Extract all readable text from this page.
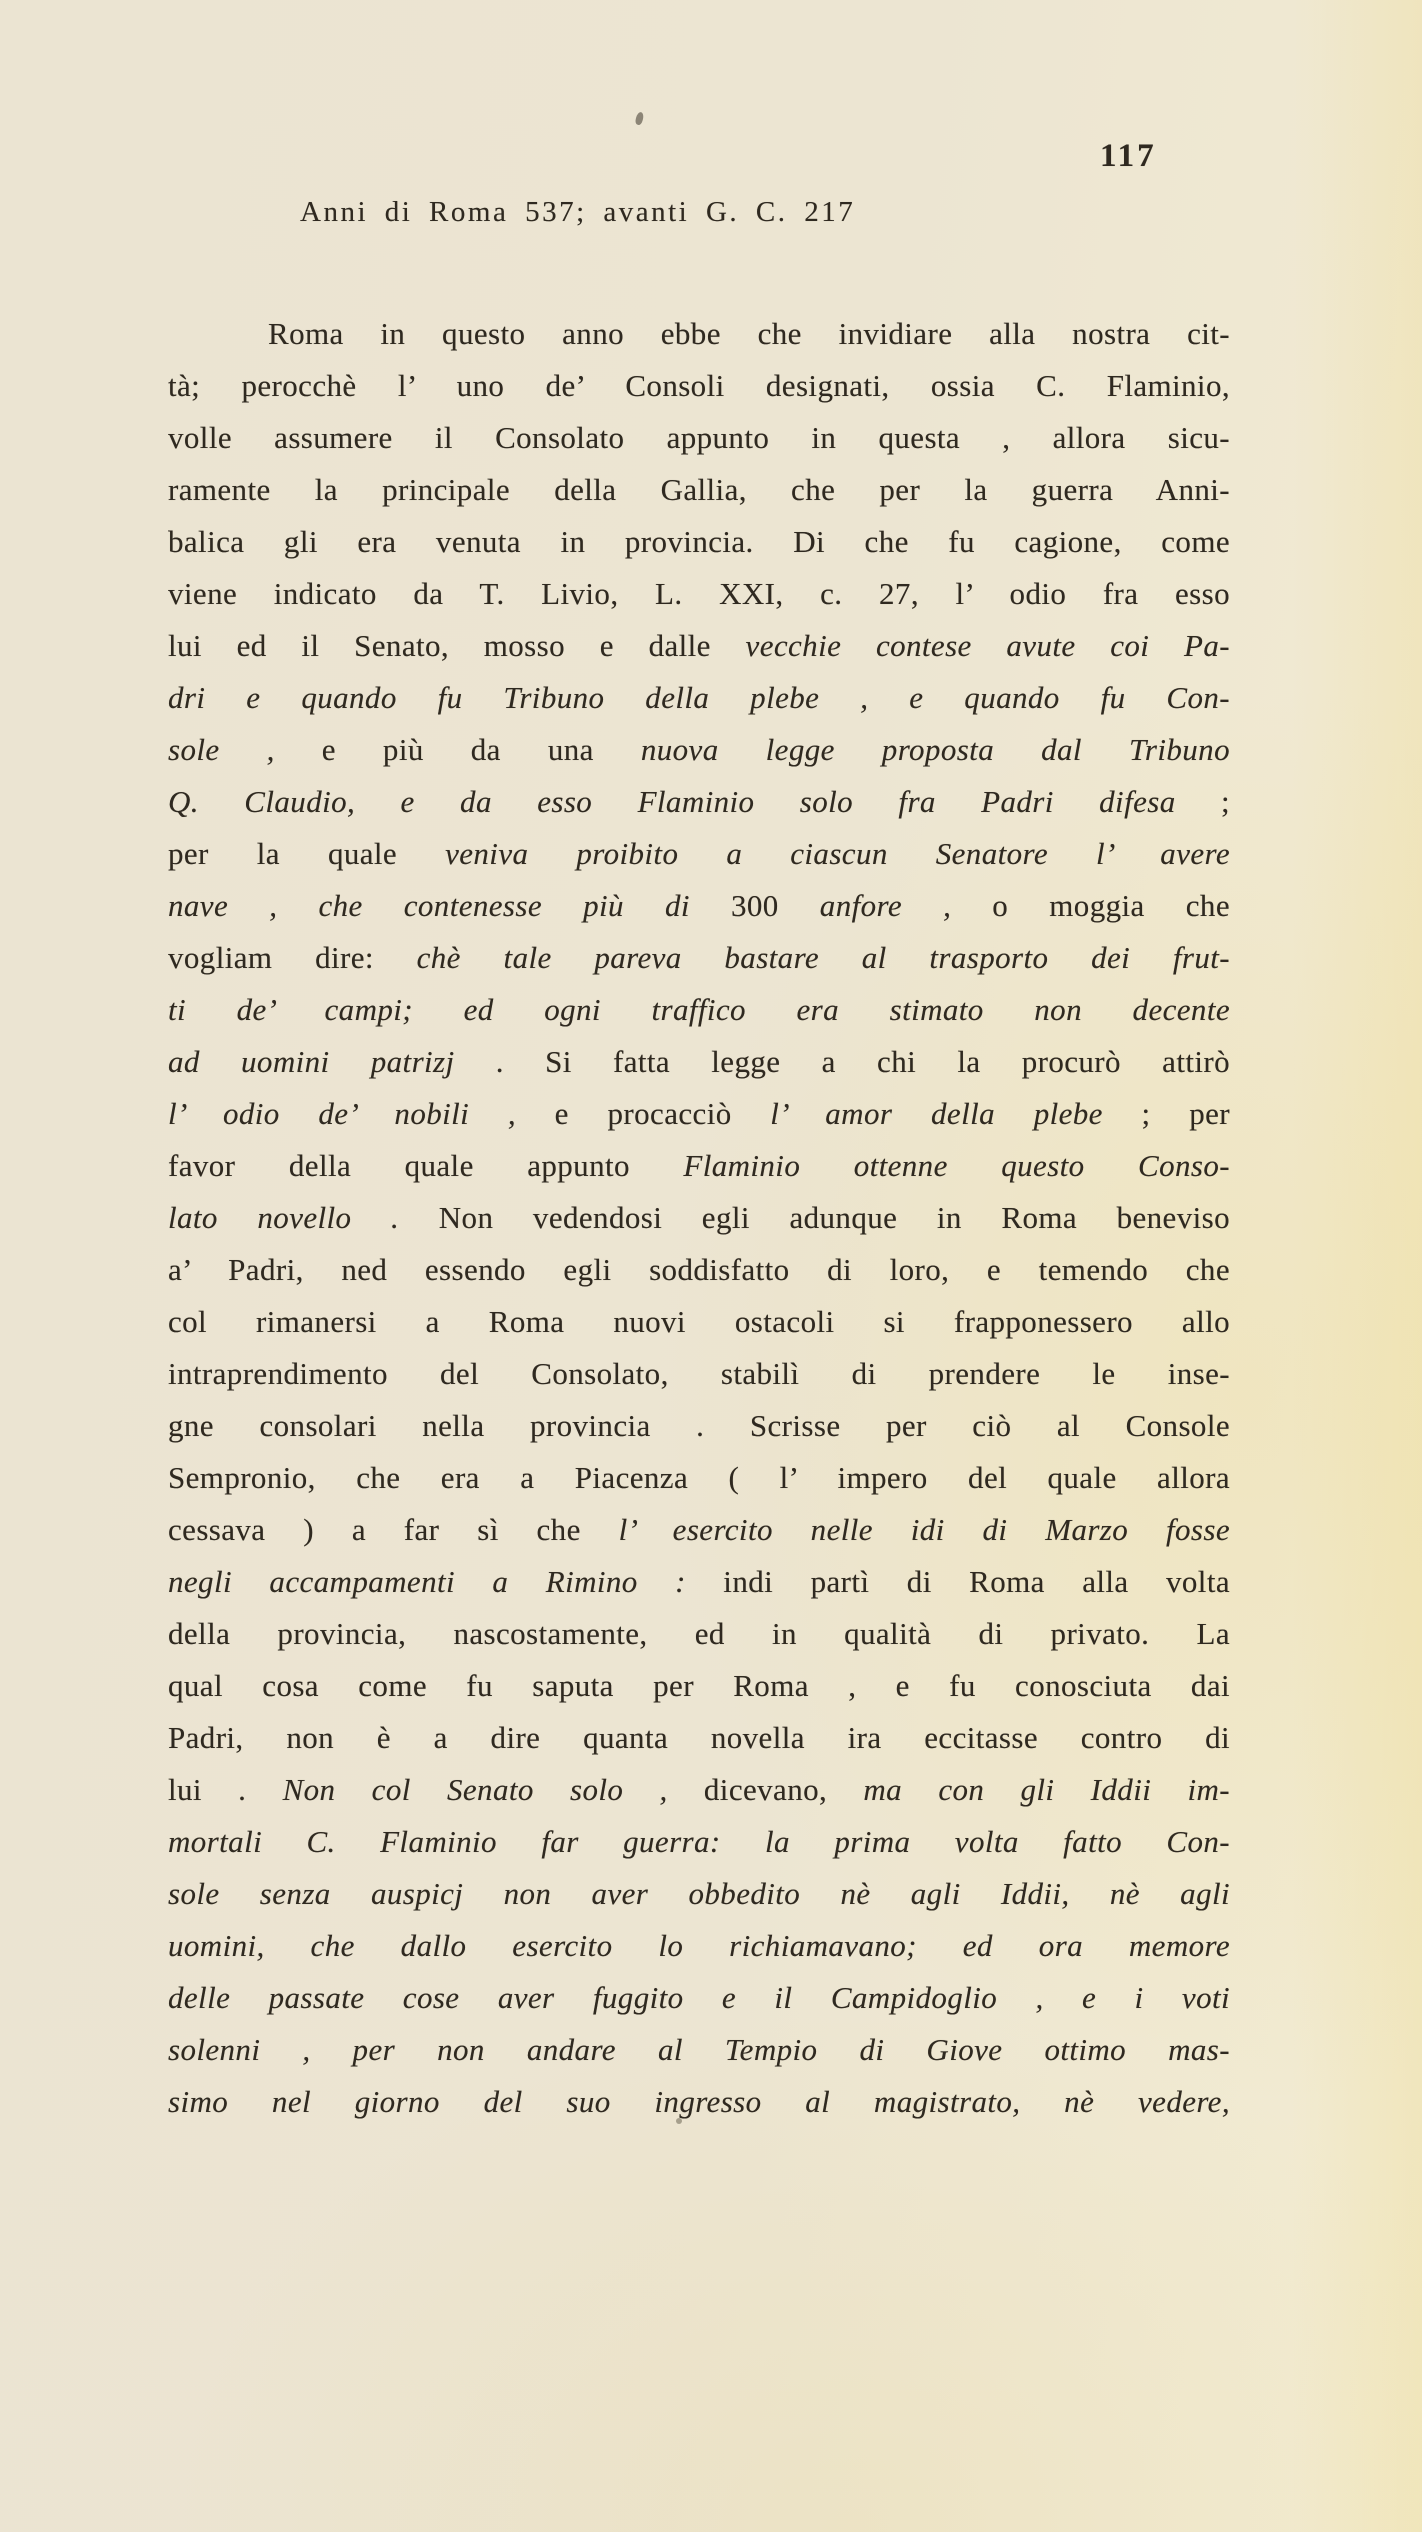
117
Anni di Roma 537; avanti G. C. 217
Roma in questo anno ebbe che invidiare alla nostra cit-
tà; perocchè l’ uno de’ Consoli designati, ossia C. Flaminio,
volle assumere il Consolato appunto in questa , allora sicu-
ramente la principale della Gallia, che per la guerra Anni-
balica gli era venuta in provincia. Di che fu cagione, come
viene indicato da T. Livio, L. XXI, c. 27, l’ odio fra esso
lui ed il Senato, mosso e dalle vecchie contese avute coi Pa-
dri e quando fu Tribuno della plebe , e quando fu Con-
sole , e più da una nuova legge proposta dal Tribuno
Q. Claudio, e da esso Flaminio solo fra Padri difesa ;
per la quale veniva proibito a ciascun Senatore l’ avere
nave , che contenesse più di 300 anfore , o moggia che
vogliam dire: chè tale pareva bastare al trasporto dei frut-
ti de’ campi; ed ogni traffico era stimato non decente
ad uomini patrizj . Si fatta legge a chi la procurò attirò
l’ odio de’ nobili , e procacciò l’ amor della plebe ; per
favor della quale appunto Flaminio ottenne questo Conso-
lato novello . Non vedendosi egli adunque in Roma beneviso
a’ Padri, ned essendo egli soddisfatto di loro, e temendo che
col rimanersi a Roma nuovi ostacoli si frapponessero allo
intraprendimento del Consolato, stabilì di prendere le inse-
gne consolari nella provincia . Scrisse per ciò al Console
Sempronio, che era a Piacenza ( l’ impero del quale allora
cessava ) a far sì che l’ esercito nelle idi di Marzo fosse
negli accampamenti a Rimino : indi partì di Roma alla volta
della provincia, nascostamente, ed in qualità di privato. La
qual cosa come fu saputa per Roma , e fu conosciuta dai
Padri, non è a dire quanta novella ira eccitasse contro di
lui . Non col Senato solo , dicevano, ma con gli Iddii im-
mortali C. Flaminio far guerra: la prima volta fatto Con-
sole senza auspicj non aver obbedito nè agli Iddii, nè agli
uomini, che dallo esercito lo richiamavano; ed ora memore
delle passate cose aver fuggito e il Campidoglio , e i voti
solenni , per non andare al Tempio di Giove ottimo mas-
simo nel giorno del suo ingresso al magistrato, nè vedere,
